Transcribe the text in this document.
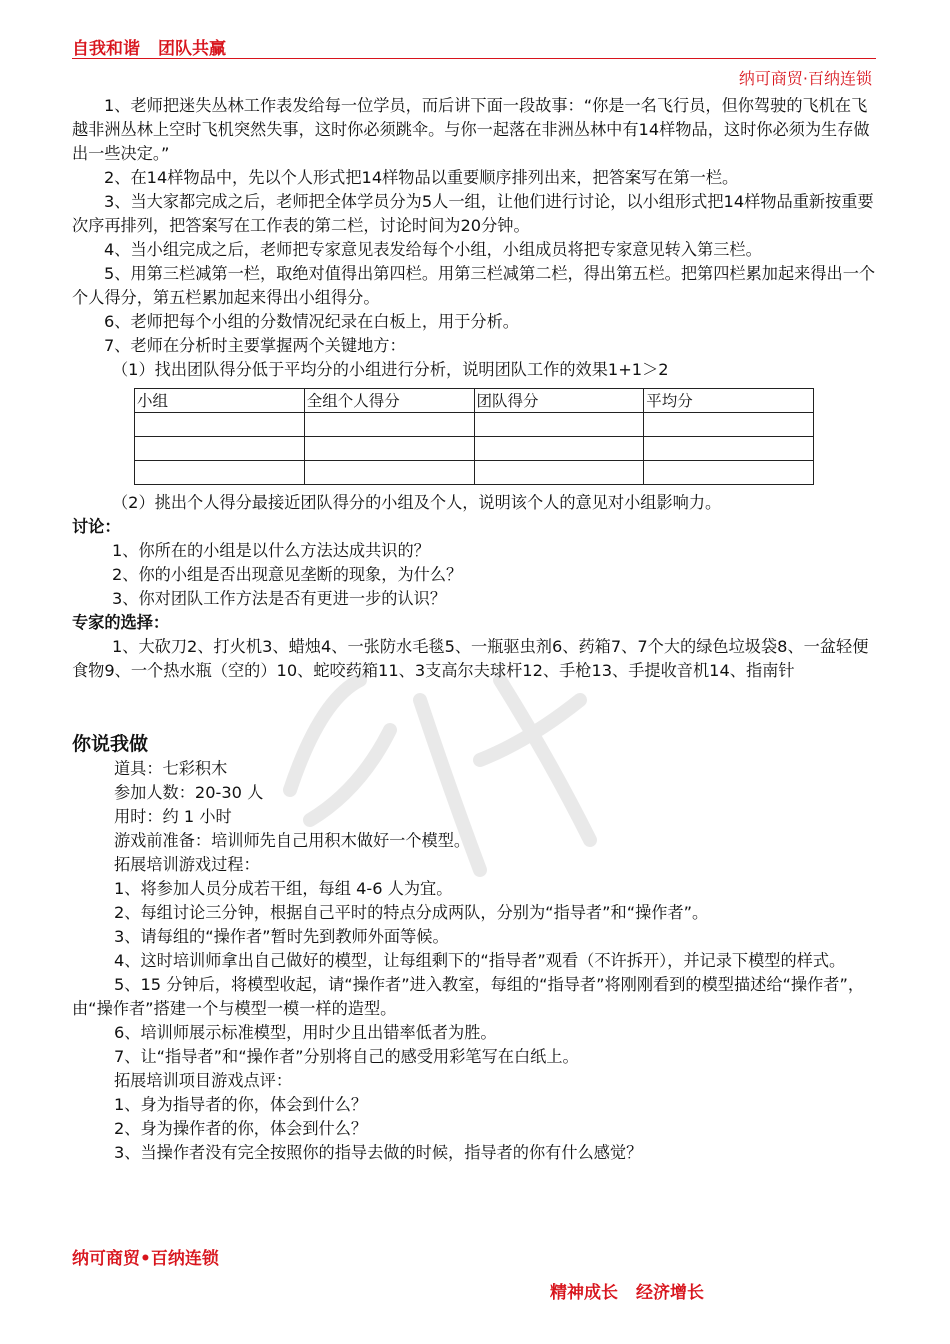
自我和谐 团队共赢
纳可商贸·百纳连锁

1、老师把迷失丛林工作表发给每一位学员，而后讲下面一段故事：“你是一名飞行员，但你驾驶的飞机在飞越非洲丛林上空时飞机突然失事，这时你必须跳伞。与你一起落在非洲丛林中有14样物品，这时你必须为生存做出一些决定。”

2、在14样物品中，先以个人形式把14样物品以重要顺序排列出来，把答案写在第一栏。

3、当大家都完成之后，老师把全体学员分为5人一组，让他们进行讨论，以小组形式把14样物品重新按重要次序再排列，把答案写在工作表的第二栏，讨论时间为20分钟。

4、当小组完成之后，老师把专家意见表发给每个小组，小组成员将把专家意见转入第三栏。

5、用第三栏减第一栏，取绝对值得出第四栏。用第三栏减第二栏，得出第五栏。把第四栏累加起来得出一个个人得分，第五栏累加起来得出小组得分。

6、老师把每个小组的分数情况纪录在白板上，用于分析。

7、老师在分析时主要掌握两个关键地方：

（1）找出团队得分低于平均分的小组进行分析，说明团队工作的效果1+1＞2

小组	全组个人得分	团队得分	平均分

（2）挑出个人得分最接近团队得分的小组及个人，说明该个人的意见对小组影响力。

讨论：

1、你所在的小组是以什么方法达成共识的？

2、你的小组是否出现意见垄断的现象，为什么？

3、你对团队工作方法是否有更进一步的认识？

专家的选择：

1、大砍刀2、打火机3、蜡烛4、一张防水毛毯5、一瓶驱虫剂6、药箱7、7个大的绿色垃圾袋8、一盆轻便食物9、一个热水瓶（空的）10、蛇咬药箱11、3支高尔夫球杆12、手枪13、手提收音机14、指南针

你说我做

道具：七彩积木

参加人数：20-30 人

用时：约 1 小时

游戏前准备：培训师先自己用积木做好一个模型。

拓展培训游戏过程：

1、将参加人员分成若干组，每组 4-6 人为宜。

2、每组讨论三分钟，根据自己平时的特点分成两队，分别为“指导者”和“操作者”。

3、请每组的“操作者”暂时先到教师外面等候。

4、这时培训师拿出自己做好的模型，让每组剩下的“指导者”观看（不许拆开），并记录下模型的样式。

5、15 分钟后，将模型收起，请“操作者”进入教室，每组的“指导者”将刚刚看到的模型描述给“操作者”，由“操作者”搭建一个与模型一模一样的造型。

6、培训师展示标准模型，用时少且出错率低者为胜。

7、让“指导者”和“操作者”分别将自己的感受用彩笔写在白纸上。

拓展培训项目游戏点评：

1、身为指导者的你，体会到什么？

2、身为操作者的你，体会到什么？

3、当操作者没有完全按照你的指导去做的时候，指导者的你有什么感觉？

纳可商贸•百纳连锁
精神成长 经济增长
